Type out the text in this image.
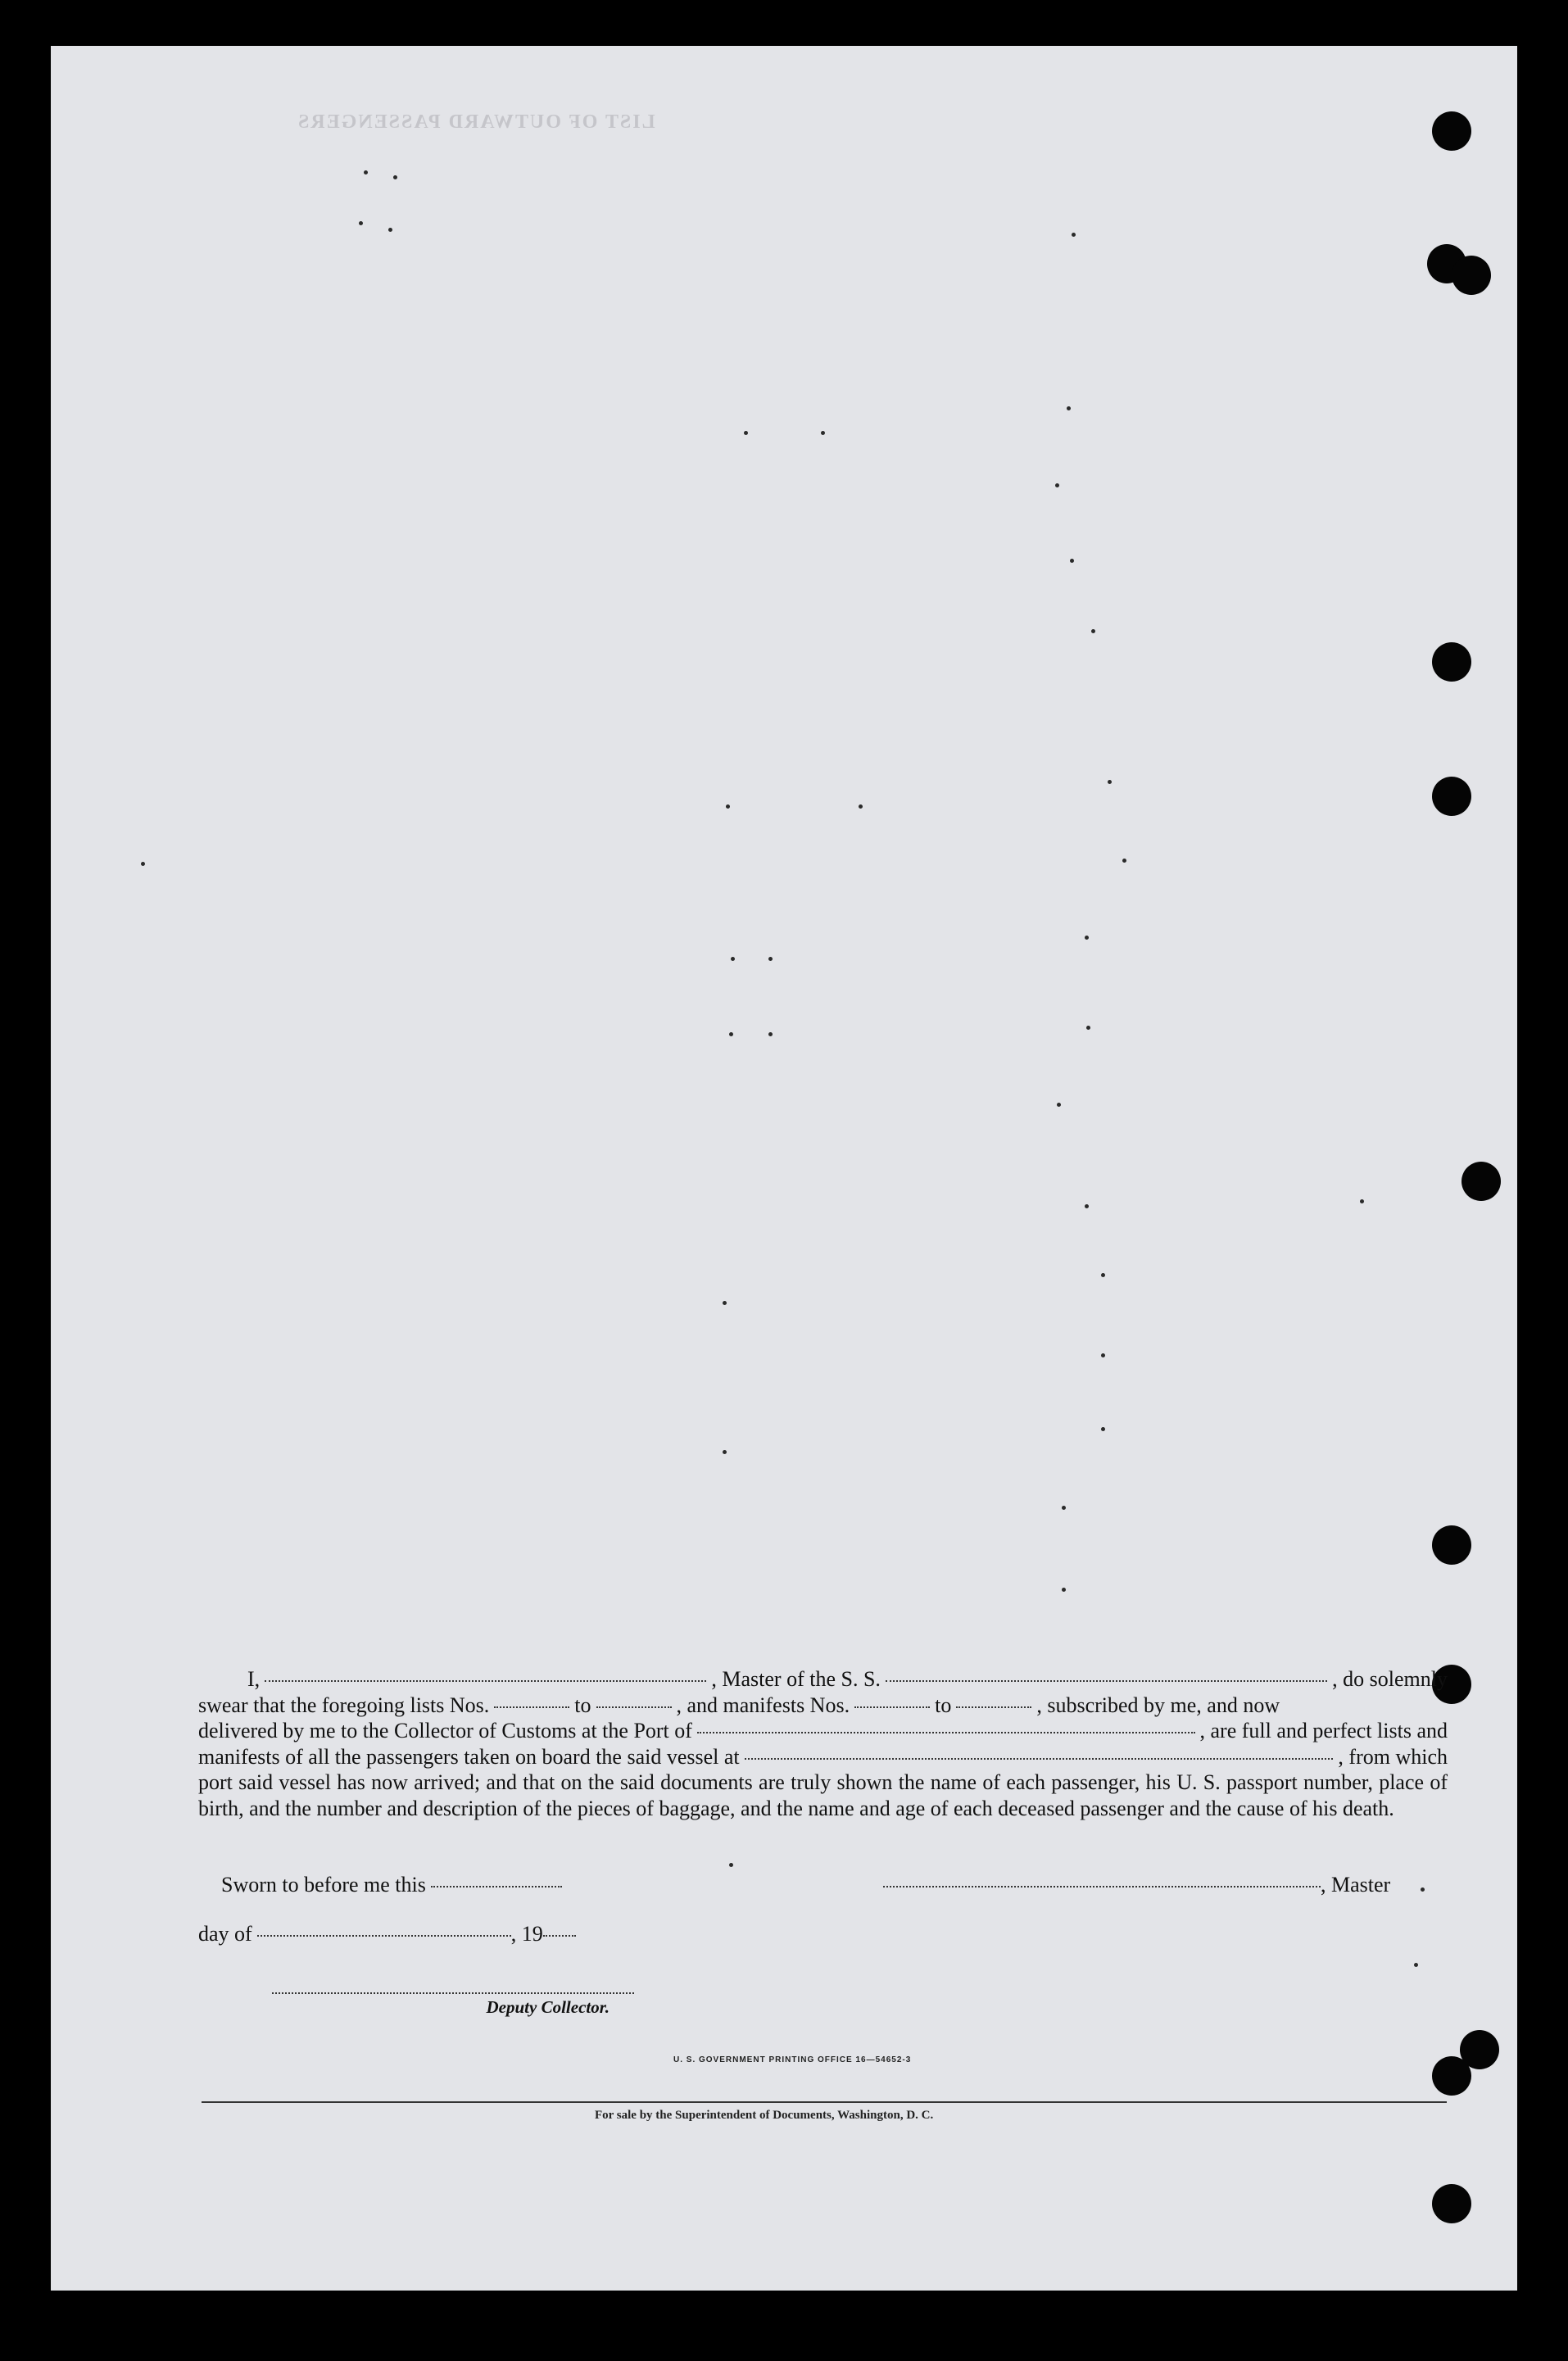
LIST OF OUTWARD PASSENGERS
I,	, Master of the S. S.	, do solemnly
swear that the foregoing lists Nos.	to	, and manifests Nos.	to	, subscribed by me, and now
delivered by me to the Collector of Customs at the Port of	, are full and perfect lists and
manifests of all the passengers taken on board the said vessel at	, from which
port said vessel has now arrived; and that on the said documents are truly shown the name of each passenger, his U. S. passport number, place of birth, and the number and description of the pieces of baggage, and the name and age of each deceased passenger and the cause of his death.
Sworn to before me this	, Master
day of	, 19
Deputy Collector.
U. S. GOVERNMENT PRINTING OFFICE 16—54652-3
For sale by the Superintendent of Documents, Washington, D. C.
